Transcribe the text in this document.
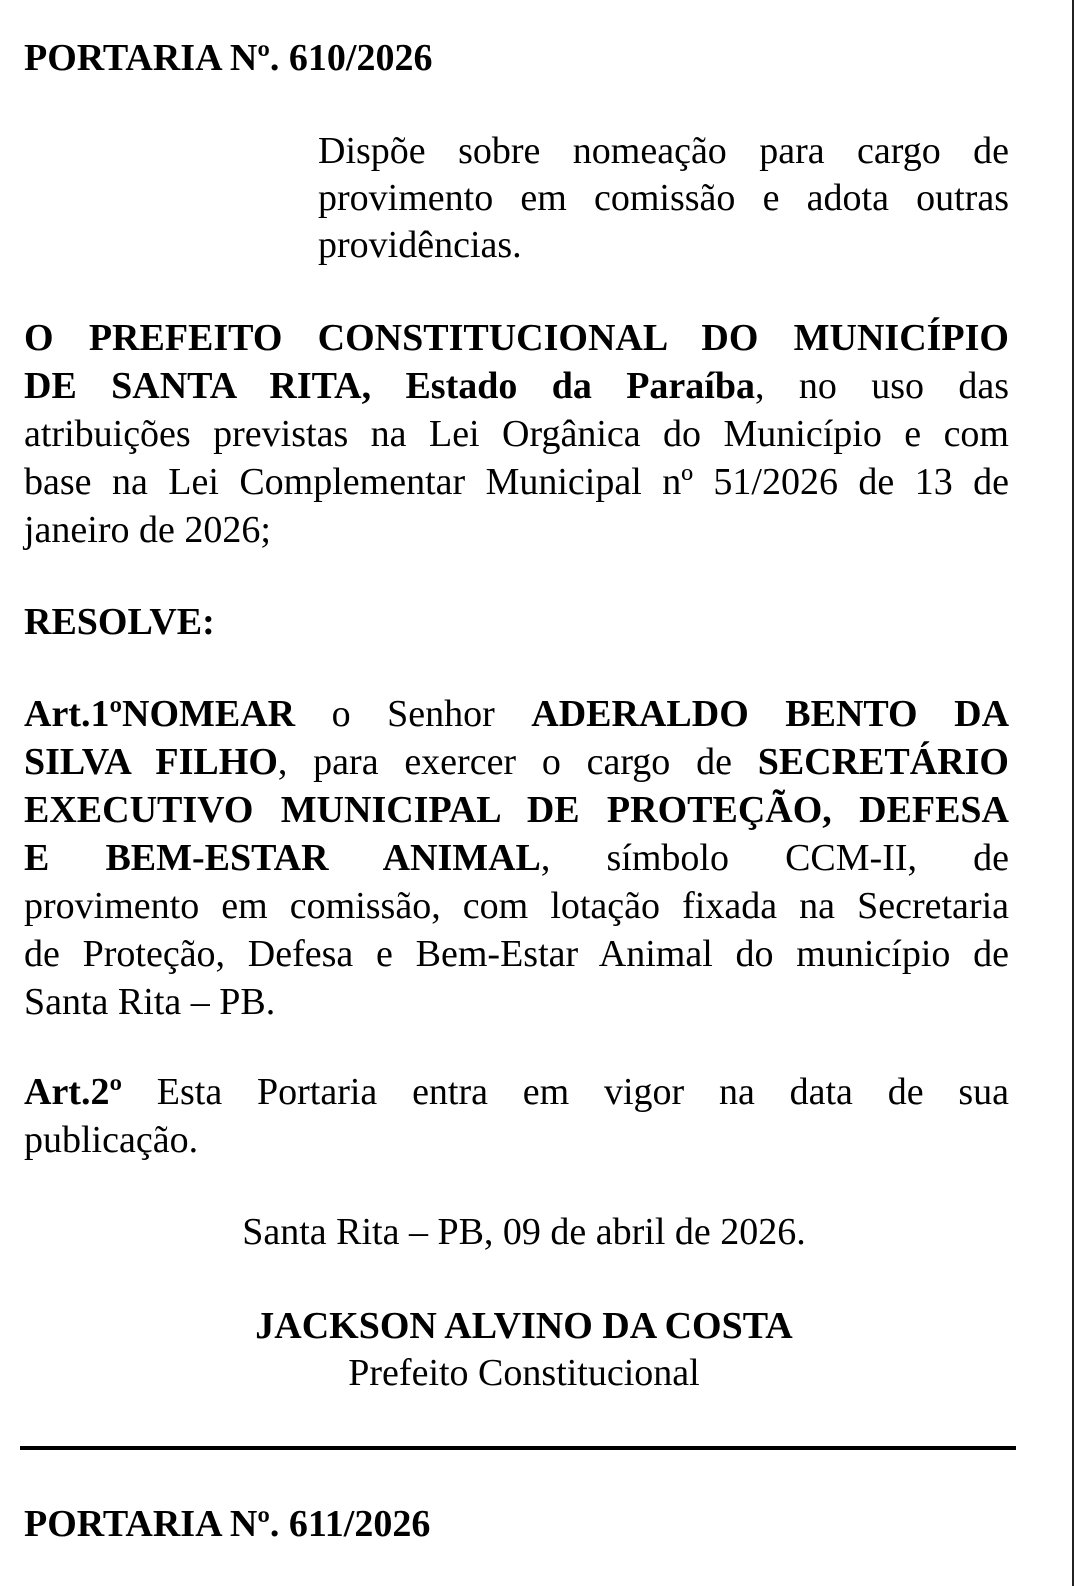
PORTARIA Nº. 610/2026
Dispõe sobre nomeação para cargo de
provimento em comissão e adota outras
providências.
O PREFEITO CONSTITUCIONAL DO MUNICÍPIO
DE SANTA RITA, Estado da Paraíba, no uso das
atribuições previstas na Lei Orgânica do Município e com
base na Lei Complementar Municipal nº 51/2026 de 13 de
janeiro de 2026;
RESOLVE:
Art.1ºNOMEAR o Senhor ADERALDO BENTO DA
SILVA FILHO, para exercer o cargo de SECRETÁRIO
EXECUTIVO MUNICIPAL DE PROTEÇÃO, DEFESA
E BEM-ESTAR ANIMAL, símbolo CCM-II, de
provimento em comissão, com lotação fixada na Secretaria
de Proteção, Defesa e Bem-Estar Animal do município de
Santa Rita – PB.
Art.2º Esta Portaria entra em vigor na data de sua
publicação.
Santa Rita – PB, 09 de abril de 2026.
JACKSON ALVINO DA COSTA
Prefeito Constitucional
PORTARIA Nº. 611/2026
